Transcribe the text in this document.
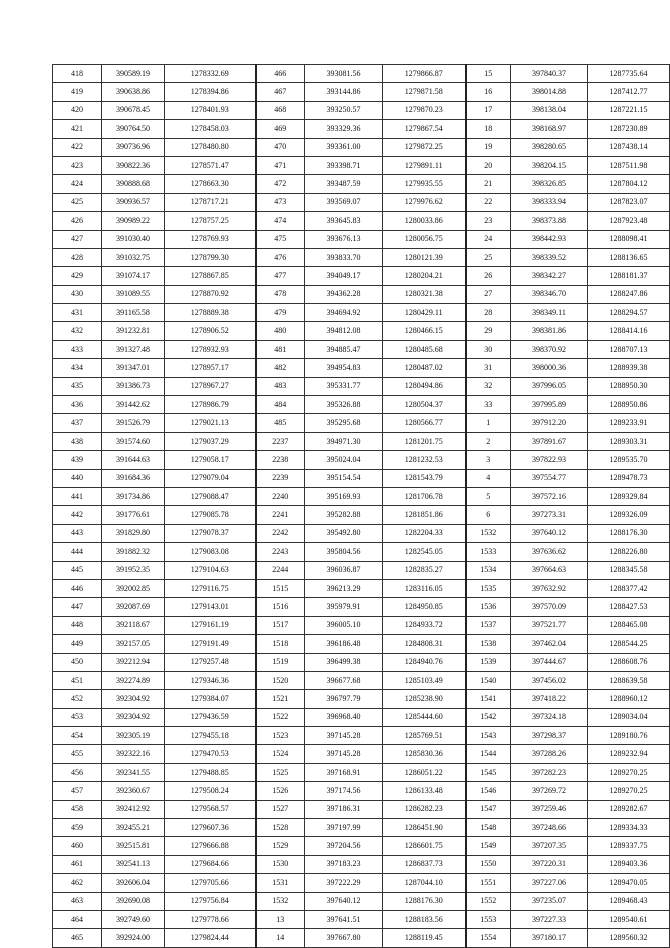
418	390589.19	1278332.69	466	393081.56	1279866.87	15	397840.37	1287735.64
419	390638.86	1278394.86	467	393144.86	1279871.58	16	398014.88	1287412.77
420	390678.45	1278401.93	468	393250.57	1279870.23	17	398138.04	1287221.15
421	390764.50	1278458.03	469	393329.36	1279867.54	18	398168.97	1287230.89
422	390736.96	1278480.80	470	393361.00	1279872.25	19	398280.65	1287438.14
423	390822.36	1278571.47	471	393398.71	1279891.11	20	398204.15	1287511.98
424	390888.68	1278663.30	472	393487.59	1279935.55	21	398326.85	1287804.12
425	390936.57	1278717.21	473	393569.07	1279976.62	22	398333.94	1287823.07
426	390989.22	1278757.25	474	393645.83	1280033.86	23	398373.88	1287923.48
427	391030.40	1278769.93	475	393676.13	1280056.75	24	398442.93	1288098.41
428	391032.75	1278799.30	476	393833.70	1280121.39	25	398339.52	1288136.65
429	391074.17	1278867.85	477	394049.17	1280204.21	26	398342.27	1288181.37
430	391089.55	1278870.92	478	394362.28	1280321.38	27	398346.70	1288247.86
431	391165.58	1278889.38	479	394694.92	1280429.11	28	398349.11	1288294.57
432	391232.81	1278906.52	480	394812.08	1280466.15	29	398381.86	1288414.16
433	391327.48	1278932.93	481	394885.47	1280485.68	30	398370.92	1288707.13
434	391347.01	1278957.17	482	394954.83	1280487.02	31	398000.36	1288939.38
435	391386.73	1278967.27	483	395331.77	1280494.86	32	397996.05	1288950.30
436	391442.62	1278986.79	484	395326.88	1280504.37	33	397995.89	1288950.86
437	391526.79	1279021.13	485	395295.68	1280566.77	1	397912.20	1289233.91
438	391574.60	1279037.29	2237	394971.30	1281201.75	2	397891.67	1289303.31
439	391644.63	1279058.17	2238	395024.04	1281232.53	3	397822.93	1289535.70
440	391684.36	1279079.04	2239	395154.54	1281543.79	4	397554.77	1289478.73
441	391734.86	1279088.47	2240	395169.93	1281706.78	5	397572.16	1289329.84
442	391776.61	1279085.78	2241	395282.88	1281851.86	6	397273.31	1289326.09
443	391829.80	1279078.37	2242	395492.80	1282204.33	1532	397640.12	1288176.30
444	391882.32	1279083.08	2243	395804.56	1282545.05	1533	397636.62	1288226.80
445	391952.35	1279104.63	2244	396036.87	1282835.27	1534	397664.63	1288345.58
446	392002.85	1279116.75	1515	396213.29	1283116.05	1535	397632.92	1288377.42
447	392087.69	1279143.01	1516	395979.91	1284950.85	1536	397570.09	1288427.53
448	392118.67	1279161.19	1517	396005.10	1284933.72	1537	397521.77	1288465.08
449	392157.05	1279191.49	1518	396186.48	1284808.31	1538	397462.04	1288544.25
450	392212.94	1279257.48	1519	396499.38	1284940.76	1539	397444.67	1288608.76
451	392274.89	1279346.36	1520	396677.68	1285103.49	1540	397456.02	1288639.58
452	392304.92	1279384.07	1521	396797.79	1285238.90	1541	397418.22	1288960.12
453	392304.92	1279436.59	1522	396968.40	1285444.60	1542	397324.18	1289034.04
454	392305.19	1279455.18	1523	397145.28	1285769.51	1543	397298.37	1289180.76
455	392322.16	1279470.53	1524	397145.28	1285830.36	1544	397288.26	1289232.94
456	392341.55	1279488.85	1525	397168.91	1286051.22	1545	397282.23	1289270.25
457	392360.67	1279508.24	1526	397174.56	1286133.48	1546	397269.72	1289270.25
458	392412.92	1279568.57	1527	397186.31	1286282.23	1547	397259.46	1289282.67
459	392455.21	1279607.36	1528	397197.99	1286451.90	1548	397248.66	1289334.33
460	392515.81	1279666.88	1529	397204.56	1286601.75	1549	397207.35	1289337.75
461	392541.13	1279684.66	1530	397183.23	1286837.73	1550	397220.31	1289403.36
462	392606.04	1279705.66	1531	397222.29	1287044.10	1551	397227.06	1289470.05
463	392690.08	1279756.84	1532	397640.12	1288176.30	1552	397235.07	1289468.43
464	392749.60	1279778.66	13	397641.51	1288183.56	1553	397227.33	1289540.61
465	392924.00	1279824.44	14	397667.80	1288119.45	1554	397180.17	1289560.32
